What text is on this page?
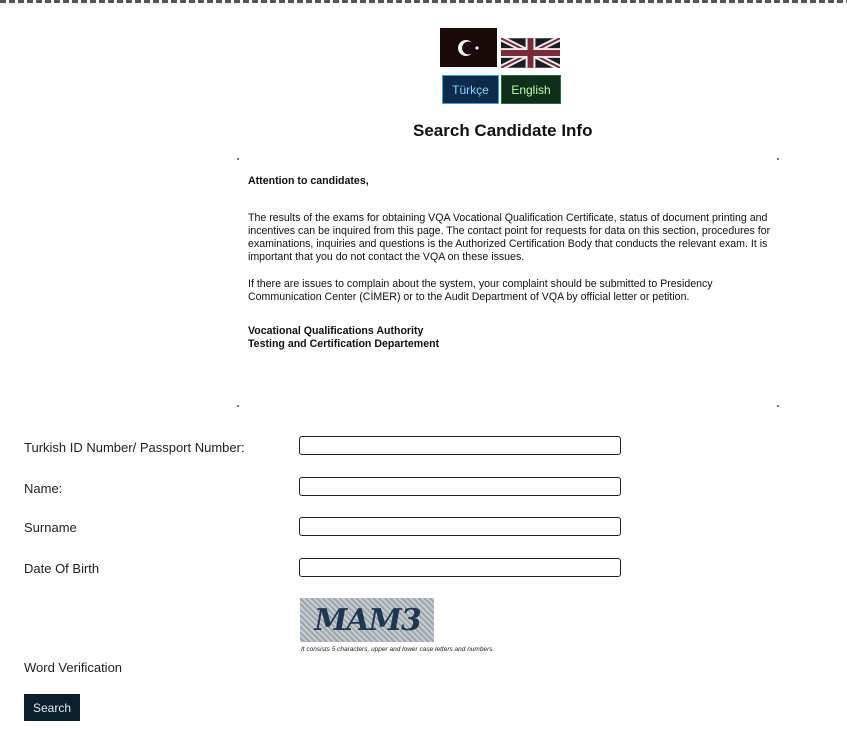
Türkçe	English
Search Candidate Info

Attention to candidates,

The results of the exams for obtaining VQA Vocational Qualification Certificate, status of document printing and incentives can be inquired from this page. The contact point for requests for data on this section, procedures for examinations, inquiries and questions is the Authorized Certification Body that conducts the relevant exam. It is important that you do not contact the VQA on these issues.

If there are issues to complain about the system, your complaint should be submitted to Presidency Communication Center (CİMER) or to the Audit Department of VQA by official letter or petition.

Vocational Qualifications Authority

Testing and Certification Departement

Turkish ID Number/ Passport Number:
Name:
Surname
Date Of Birth
MAM3
It consists 5 characters, upper and lower case letters and numbers.
Word Verification
Search
